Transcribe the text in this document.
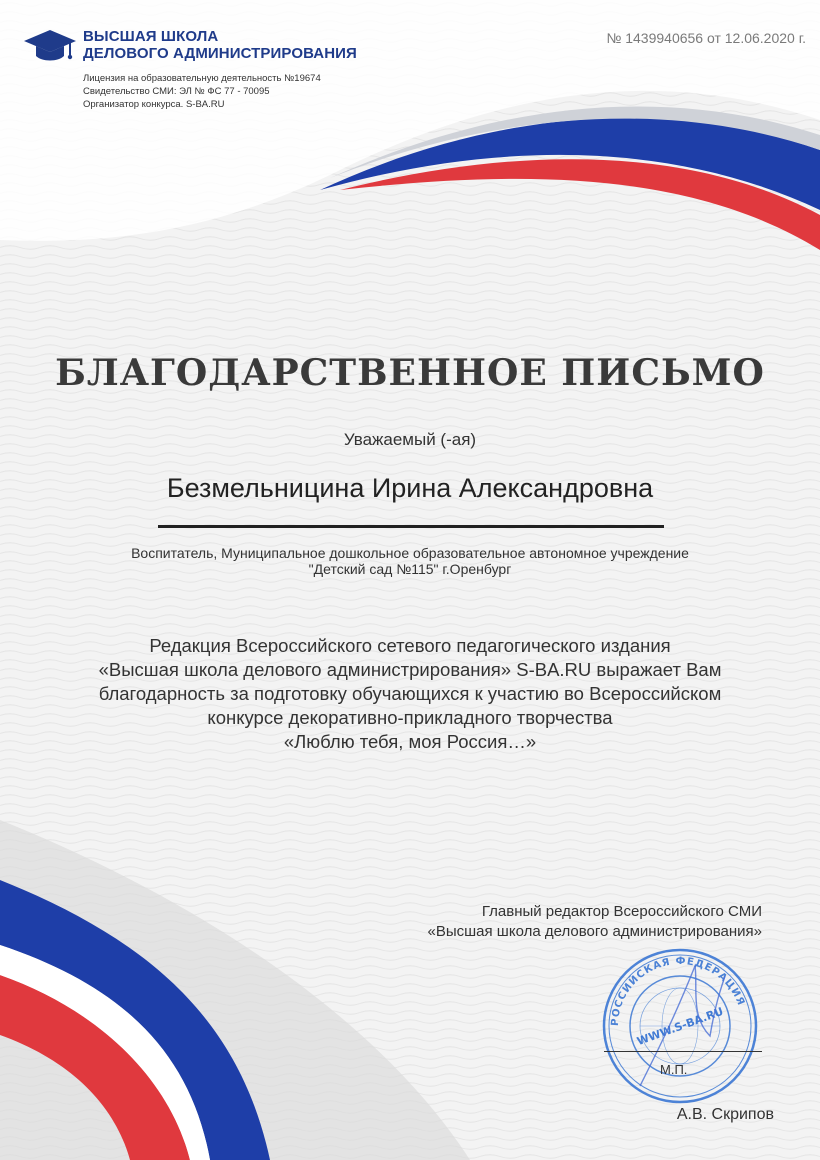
ВЫСШАЯ ШКОЛА
ДЕЛОВОГО АДМИНИСТРИРОВАНИЯ
Лицензия на образовательную деятельность №19674
Свидетельство СМИ: ЭЛ № ФС 77 - 70095
Организатор конкурса. S-BA.RU
№ 1439940656 от 12.06.2020 г.
БЛАГОДАРСТВЕННОЕ ПИСЬМО
Уважаемый (-ая)
Безмельницина Ирина Александровна
Воспитатель, Муниципальное дошкольное образовательное автономное учреждение
"Детский сад №115" г.Оренбург
Редакция Всероссийского сетевого педагогического издания
«Высшая школа делового администрирования» S-BA.RU выражает Вам
благодарность за подготовку обучающихся к участию во Всероссийском
конкурсе декоративно-прикладного творчества
«Люблю тебя, моя Россия…»
Главный редактор Всероссийского СМИ
«Высшая школа делового администрирования»
РОССИЙСКАЯ ФЕДЕРАЦИЯ
WWW.S-BA.RU
М.П.
А.В. Скрипов
